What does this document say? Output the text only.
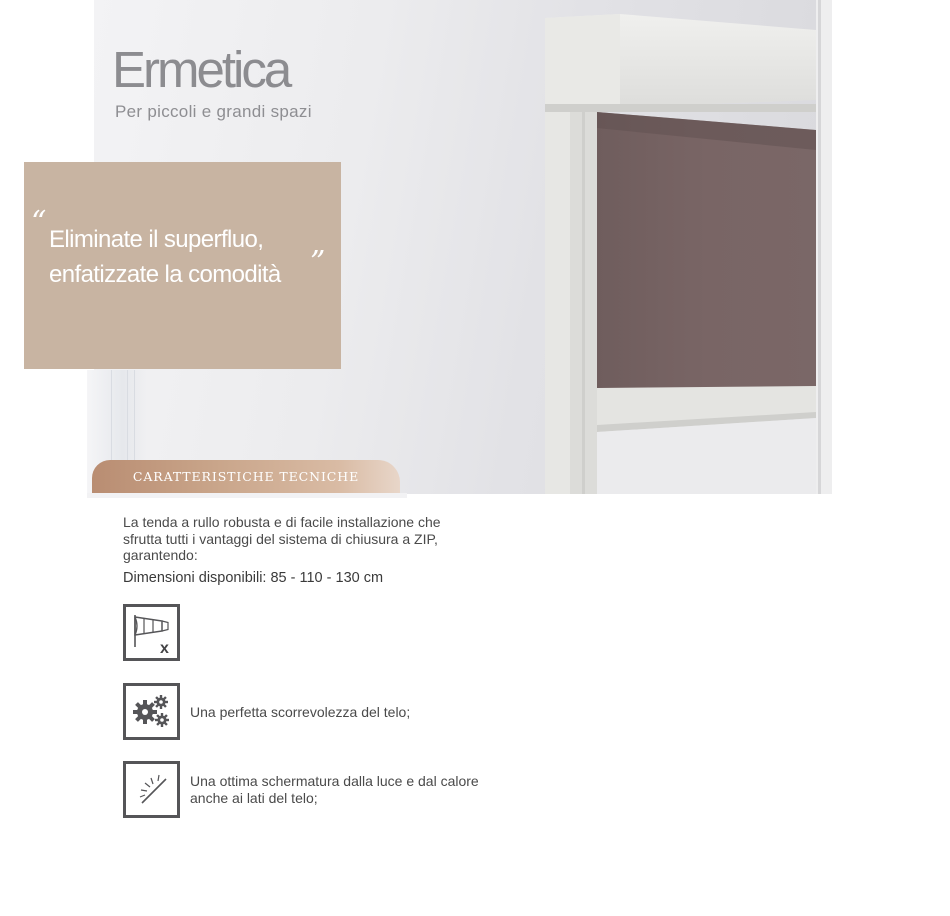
Ermetica
Per piccoli e grandi spazi
“ Eliminate il superfluo, enfatizzate la comodità ”
CARATTERISTICHE TECNICHE

La tenda a rullo robusta e di facile installazione che sfrutta tutti i vantaggi del sistema di chiusura a ZIP, garantendo:

Dimensioni disponibili: 85 - 110 - 130 cm
x
Una perfetta scorrevolezza del telo;
Una ottima schermatura dalla luce e dal calore anche ai lati del telo;
